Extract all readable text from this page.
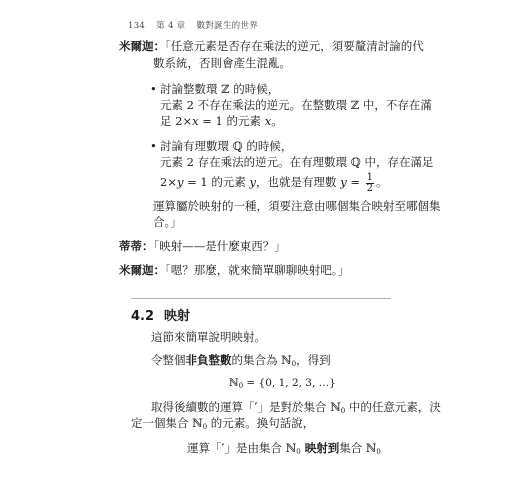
134 第 4 章 數對誕生的世界
米爾迦：「任意元素是否存在乘法的逆元，須要釐清討論的代
數系統，否則會產生混亂。
• 討論整數環 ℤ 的時候，
元素 2 不存在乘法的逆元。在整數環 ℤ 中，不存在滿
足 2×x = 1 的元素 x。
• 討論有理數環 ℚ 的時候，
元素 2 存在乘法的逆元。在有理數環 ℚ 中，存在滿足
2×y = 1 的元素 y，也就是有理數 $y = \frac{1}{2}$ 。
運算屬於映射的一種，須要注意由哪個集合映射至哪個集
合。」
蒂蒂：「映射——是什麼東西？」
米爾迦：「嗯？那麼，就來簡單聊聊映射吧。」
4.2 映射
這節來簡單說明映射。
令整個非負整數的集合為 ℕ$_0$，得到
ℕ$_0$ = {0, 1, 2, 3, …}
取得後續數的運算「′」是對於集合 ℕ$_0$ 中的任意元素，決
定一個集合 ℕ$_0$ 的元素。換句話說，
運算「′」是由集合 ℕ$_0$ 映射到集合 ℕ$_0$
